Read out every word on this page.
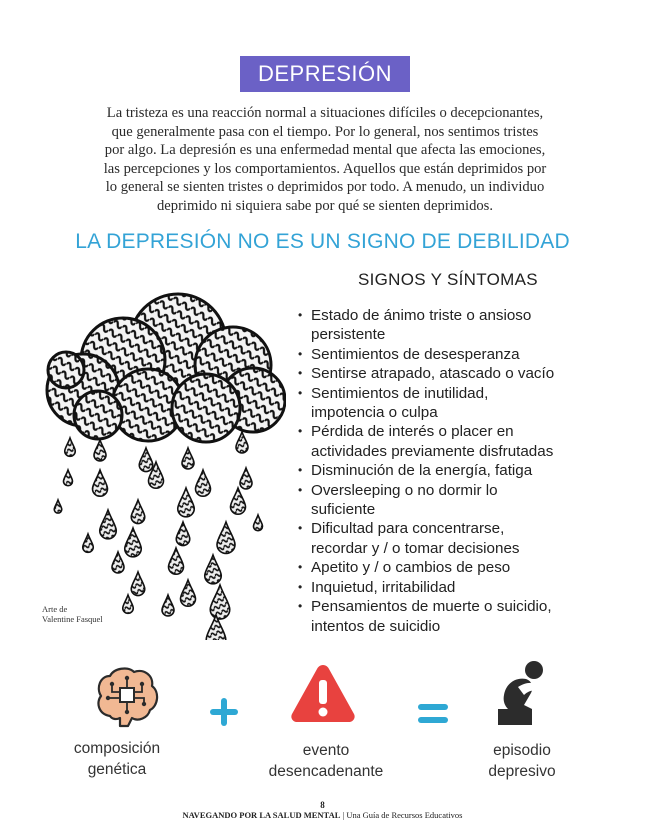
DEPRESIÓN
La tristeza es una reacción normal a situaciones difíciles o decepcionantes,
que generalmente pasa con el tiempo. Por lo general, nos sentimos tristes
por algo. La depresión es una enfermedad mental que afecta las emociones,
las percepciones y los comportamientos. Aquellos que están deprimidos por
lo general se sienten tristes o deprimidos por todo. A menudo, un individuo
deprimido ni siquiera sabe por qué se sienten deprimidos.
LA DEPRESIÓN NO ES UN SIGNO DE DEBILIDAD
SIGNOS Y SÍNTOMAS
• Estado de ánimo triste o ansioso
persistente
• Sentimientos de desesperanza
• Sentirse atrapado, atascado o vacío
• Sentimientos de inutilidad,
impotencia o culpa
• Pérdida de interés o placer en
actividades previamente disfrutadas
• Disminución de la energía, fatiga
• Oversleeping o no dormir lo
suficiente
• Dificultad para concentrarse,
recordar y / o tomar decisiones
• Apetito y / o cambios de peso
• Inquietud, irritabilidad
• Pensamientos de muerte o suicidio,
intentos de suicidio
Arte de
Valentine Fasquel
composición
genética
evento
desencadenante
episodio
depresivo
8
NAVEGANDO POR LA SALUD MENTAL | Una Guía de Recursos Educativos
